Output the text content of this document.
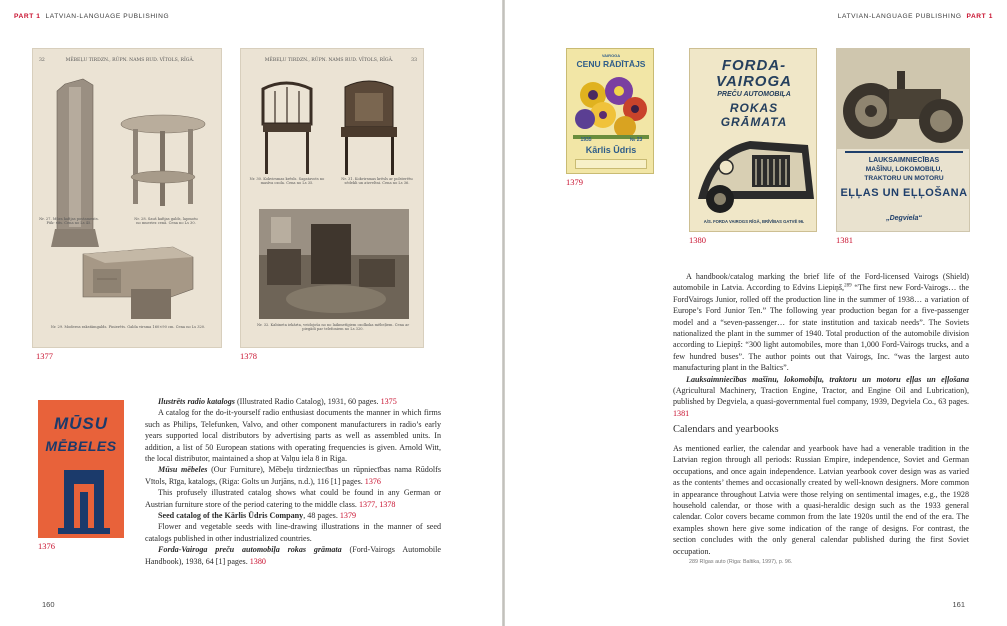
PART 1 LATVIAN-LANGUAGE PUBLISHING
32	MĒBEĻU TIRDZN., RŪPN. NAMS RUD. VĪTOLS, RĪGĀ.
Nr. 27. Mūra kafijas postaments. Pūk- sīts. Cena no Ls 45.
Nr. 28. Sauš kafijas galds, lapmotu no mueriez cenā. Cena no Ls 30.
Nr. 29. Moderns rakstāmgalds. Finierēts. Galda virsma 160×90 cm. Cena no Ls 320.
1377
MĒBEĻU TIRDZN., RŪPN. NAMS RUD. VĪTOLS, RĪGĀ.	33
Nr. 30. Kokvirsmas krēsls. Sagatavots no masīva ozola. Cena no Ls 35.
Nr. 31. Kokvirsmas krēsls ar polsterētu sēdekli un atzveltni. Cena no Ls 36.
Nr. 32. Kabineta iekārta, veidojoša no no laikmetīgiem ozolkoka mēbeļiem. Cena ar piegādi par telefoniem no Ls 320.
1378
MŪSU
MĒBELES
1376

Ilustrēts radio katalogs (Illustrated Radio Catalog), 1931, 60 pages. 1375

A catalog for the do-it-yourself radio enthusiast documents the manner in which firms such as Philips, Telefunken, Valvo, and other component manufacturers in radio’s early years supported local distributors by advertising parts as well as assembled units. In addition, a list of 50 European stations with operating frequencies is given. Arnold Witt, the local distributor, maintained a shop at Valņu iela 8 in Riga.

Mūsu mēbeles (Our Furniture), Mēbeļu tirdzniecības un rūpniecības nama Rūdolfs Vītols, Rīga, katalogs, (Riga: Golts un Jurjāns, n.d.), 116 [1] pages. 1376

This profusely illustrated catalog shows what could be found in any German or Austrian furniture store of the period catering to the middle class. 1377, 1378

Seed catalog of the Kārlis Ūdris Company, 48 pages. 1379

Flower and vegetable seeds with line-drawing illustrations in the manner of seed catalogs published in other industrialized countries.

Forda-Vairoga preču automobiļa rokas grāmata (Ford-Vairogs Automobile Handbook), 1938, 64 [1] pages. 1380

160
LATVIAN-LANGUAGE PUBLISHING PART 1
VAIROGA
CENU RĀDĪTĀJS
1935	№ 23
Kārlis Ūdris
1379
FORDA-
VAIROGA
PREČU AUTOMOBIĻA
ROKAS
GRĀMATA
A/S. FORDA VAIROGS RĪGĀ, BRĪVĪBAS GATVĒ 96.
1380
LAUKSAIMNIECĪBAS
MAŠĪNU, LOKOMOBIĻU,
TRAKTORU UN MOTORU
EĻĻAS UN EĻĻOŠANA
„Degviela“
1381

A handbook/catalog marking the brief life of the Ford-licensed Vairogs (Shield) automobile in Latvia. According to Edvins Liepiņš,$^{289}$ “The first new Ford-Vairogs… the FordVairogs Junior, rolled off the production line in the summer of 1938… a variation of Europe’s Ford Junior Ten.” The following year production began for a five-passenger model and a “seven-passenger… for state institution and taxicab needs”. The Soviets nationalized the plant in the summer of 1940. Total production of the automobile division according to Liepiņš: “300 light automobiles, more than 1,000 Ford-Vairogs trucks, and a few hundred buses”. The author points out that Vairogs, Inc. “was the largest auto manufacturing plant in the Baltics”.

Lauksaimniecības mašīnu, lokomobiļu, traktoru un motoru eļļas un eļļošana (Agricultural Machinery, Traction Engine, Tractor, and Engine Oil and Lubrication), published by Degviela, a quasi-governmental fuel company, 1939, Degviela Co., 63 pages. 1381

Calendars and yearbooks

As mentioned earlier, the calendar and yearbook have had a venerable tradition in the Latvian region through all periods: Russian Empire, independence, Soviet and German occupations, and once again independence. Latvian yearbook cover design was as varied as the contents’ themes and occasionally created by well-known designers. More common in appearance throughout Latvia were those relying on sentimental images, e.g., the 1928 household calendar, or those with a quasi-heraldic design such as the 1933 general calendar. Color covers became common from the late 1920s until the end of the era. The examples shown here give some indication of the range of designs. For contrast, the section concludes with the only general calendar published during the first Soviet occupation.

289 Rīgas auto (Riga: Baltika, 1997), p. 96.
161
